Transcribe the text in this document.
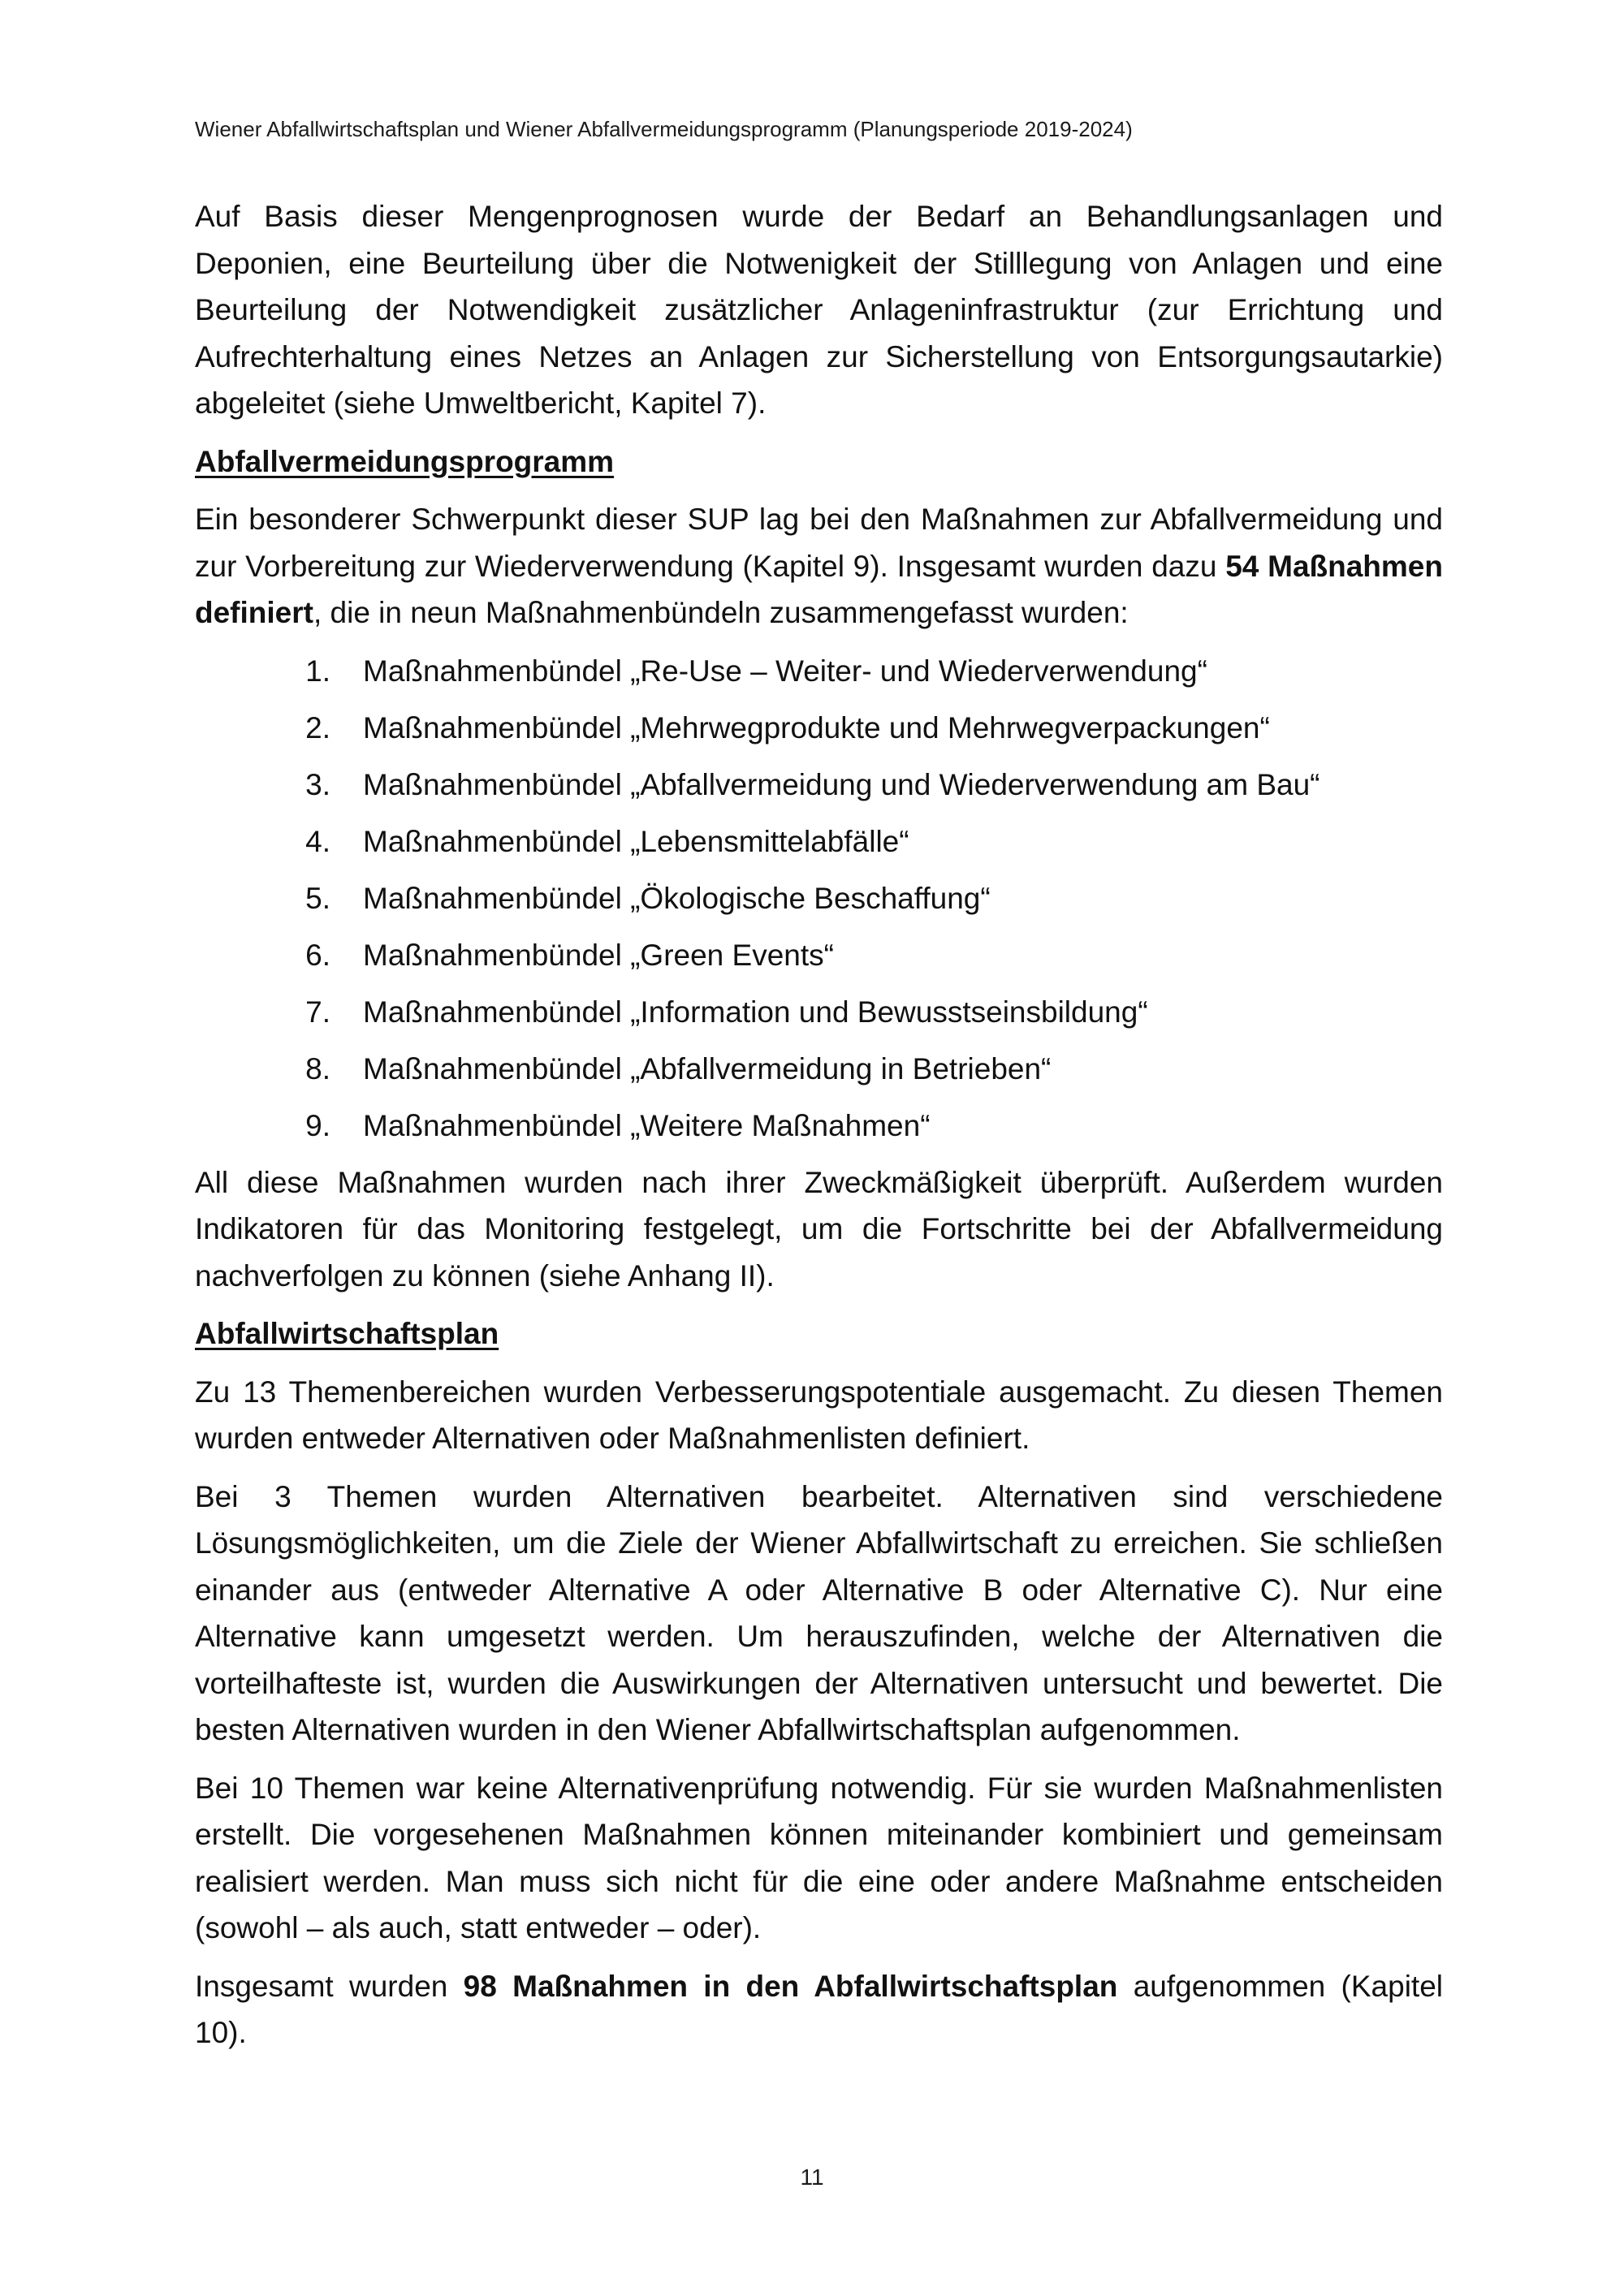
Wiener Abfallwirtschaftsplan und Wiener Abfallvermeidungsprogramm (Planungsperiode 2019-2024)

Auf Basis dieser Mengenprognosen wurde der Bedarf an Behandlungsanlagen und Deponien, eine Beurteilung über die Notwenigkeit der Stilllegung von Anlagen und eine Beurteilung der Notwendigkeit zusätzlicher Anlageninfrastruktur (zur Errichtung und Aufrechterhaltung eines Netzes an Anlagen zur Sicherstellung von Entsorgungsautarkie) abgeleitet (siehe Umweltbericht, Kapitel 7).

Abfallvermeidungsprogramm

Ein besonderer Schwerpunkt dieser SUP lag bei den Maßnahmen zur Abfallvermeidung und zur Vorbereitung zur Wiederverwendung (Kapitel 9). Insgesamt wurden dazu 54 Maßnahmen definiert, die in neun Maßnahmenbündeln zusammengefasst wurden:

1.	Maßnahmenbündel „Re-Use – Weiter- und Wiederverwendung“
2.	Maßnahmenbündel „Mehrwegprodukte und Mehrwegverpackungen“
3.	Maßnahmenbündel „Abfallvermeidung und Wiederverwendung am Bau“
4.	Maßnahmenbündel „Lebensmittelabfälle“
5.	Maßnahmenbündel „Ökologische Beschaffung“
6.	Maßnahmenbündel „Green Events“
7.	Maßnahmenbündel „Information und Bewusstseinsbildung“
8.	Maßnahmenbündel „Abfallvermeidung in Betrieben“
9.	Maßnahmenbündel „Weitere Maßnahmen“

All diese Maßnahmen wurden nach ihrer Zweckmäßigkeit überprüft. Außerdem wurden Indikatoren für das Monitoring festgelegt, um die Fortschritte bei der Abfallvermeidung nachverfolgen zu können (siehe Anhang II).

Abfallwirtschaftsplan

Zu 13 Themenbereichen wurden Verbesserungspotentiale ausgemacht. Zu diesen Themen wurden entweder Alternativen oder Maßnahmenlisten definiert.

Bei 3 Themen wurden Alternativen bearbeitet. Alternativen sind verschiedene Lösungsmöglichkeiten, um die Ziele der Wiener Abfallwirtschaft zu erreichen. Sie schließen einander aus (entweder Alternative A oder Alternative B oder Alternative C). Nur eine Alternative kann umgesetzt werden. Um herauszufinden, welche der Alternativen die vorteilhafteste ist, wurden die Auswirkungen der Alternativen untersucht und bewertet. Die besten Alternativen wurden in den Wiener Abfallwirtschaftsplan aufgenommen.

Bei 10 Themen war keine Alternativenprüfung notwendig. Für sie wurden Maßnahmenlisten erstellt. Die vorgesehenen Maßnahmen können miteinander kombiniert und gemeinsam realisiert werden. Man muss sich nicht für die eine oder andere Maßnahme entscheiden (sowohl – als auch, statt entweder – oder).

Insgesamt wurden 98 Maßnahmen in den Abfallwirtschaftsplan aufgenommen (Kapitel 10).

11
